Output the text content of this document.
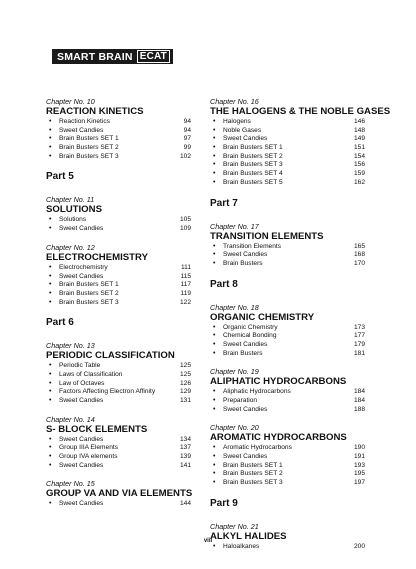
SMART BRAIN ECAT
Chapter No. 10
REACTION KINETICS
• Reaction Kinetics	94
• Sweet Candies	94
• Brain Busters SET 1	97
• Brain Busters SET 2	99
• Brain Busters SET 3	102
Part 5
Chapter No. 11
SOLUTIONS
• Solutions	105
• Sweet Candies	109
Chapter No. 12
ELECTROCHEMISTRY
• Electrochemistry	111
• Sweet Candies	115
• Brain Busters SET 1	117
• Brain Busters SET 2	119
• Brain Busters SET 3	122
Part 6
Chapter No. 13
PERIODIC CLASSIFICATION
• Periodic Table	125
• Laws of Classification	125
• Law of Octaves	126
• Factors Affecting Electron Affinity	129
• Sweet Candies	131
Chapter No. 14
S- BLOCK ELEMENTS
• Sweet Candies	134
• Group IIIA Elements	137
• Group IVA elements	139
• Sweet Candies	141
Chapter No. 15
GROUP VA AND VIA ELEMENTS
• Sweet Candies	144
Chapter No. 16
THE HALOGENS & THE NOBLE GASES
• Halogens	146
• Noble Gases	148
• Sweet Candies	149
• Brain Busters SET 1	151
• Brain Busters SET 2	154
• Brain Busters SET 3	156
• Brain Busters SET 4	159
• Brain Busters SET 5	162
Part 7
Chapter No. 17
TRANSITION ELEMENTS
• Transition Elements	165
• Sweet Candies	168
• Brain Busters	170
Part 8
Chapter No. 18
ORGANIC CHEMISTRY
• Organic Chemistry	173
• Chemical Bonding	177
• Sweet Candies	179
• Brain Busters	181
Chapter No. 19
ALIPHATIC HYDROCARBONS
• Aliphatic Hydrocarbons	184
• Preparation	184
• Sweet Candies	188
Chapter No. 20
AROMATIC HYDROCARBONS
• Aromatic Hydrocarbons	190
• Sweet Candies	191
• Brain Busters SET 1	193
• Brain Busters SET 2	195
• Brain Busters SET 3	197
Part 9
Chapter No. 21
ALKYL HALIDES
• Haloalkanes	200
viii
